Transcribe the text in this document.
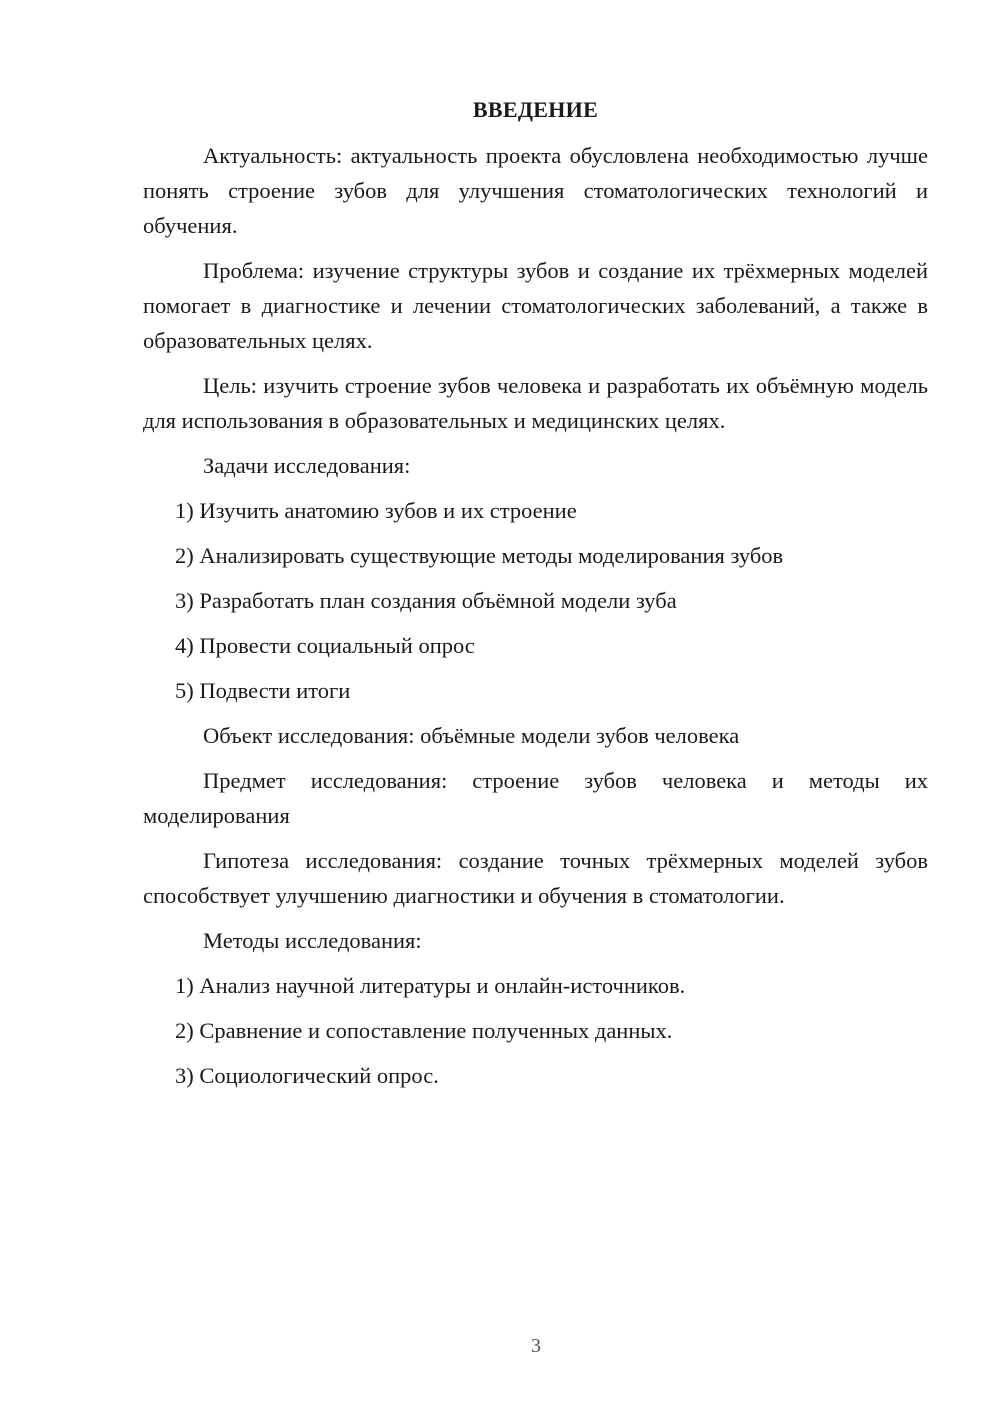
ВВЕДЕНИЕ

Актуальность: актуальность проекта обусловлена необходимостью лучше понять строение зубов для улучшения стоматологических технологий и обучения.

Проблема: изучение структуры зубов и создание их трёхмерных моделей помогает в диагностике и лечении стоматологических заболеваний, а также в образовательных целях.

Цель: изучить строение зубов человека и разработать их объёмную модель для использования в образовательных и медицинских целях.

Задачи исследования:

1) Изучить анатомию зубов и их строение
2) Анализировать существующие методы моделирования зубов
3) Разработать план создания объёмной модели зуба
4) Провести социальный опрос
5) Подвести итоги

Объект исследования: объёмные модели зубов человека

Предмет исследования: строение зубов человека и методы их моделирования

Гипотеза исследования: создание точных трёхмерных моделей зубов способствует улучшению диагностики и обучения в стоматологии.

Методы исследования:

1) Анализ научной литературы и онлайн-источников.
2) Сравнение и сопоставление полученных данных.
3) Социологический опрос.
3
